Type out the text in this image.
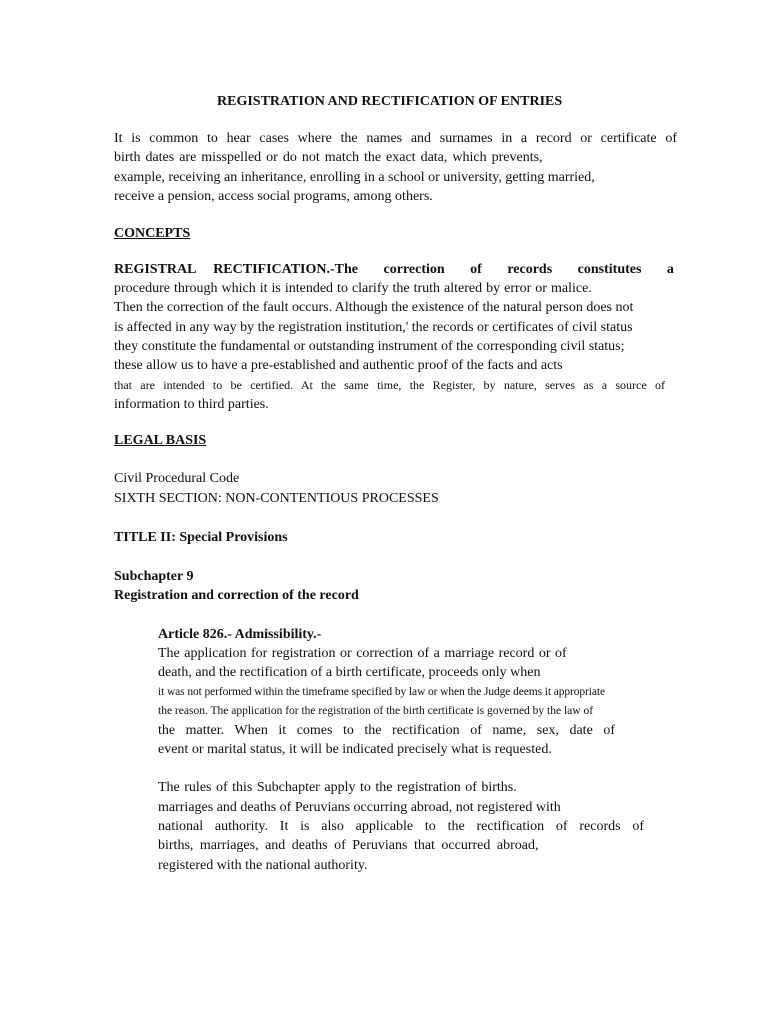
REGISTRATION AND RECTIFICATION OF ENTRIES
It is common to hear cases where the names and surnames in a record or certificate of
birth dates are misspelled or do not match the exact data, which prevents,
example, receiving an inheritance, enrolling in a school or university, getting married,
receive a pension, access social programs, among others.
CONCEPTS
REGISTRAL RECTIFICATION.- The correction of records constitutes a
procedure through which it is intended to clarify the truth altered by error or malice.
Then the correction of the fault occurs. Although the existence of the natural person does not
is affected in any way by the registration institution,' the records or certificates of civil status
they constitute the fundamental or outstanding instrument of the corresponding civil status;
these allow us to have a pre-established and authentic proof of the facts and acts
that are intended to be certified. At the same time, the Register, by nature, serves as a source of
information to third parties.
LEGAL BASIS
Civil Procedural Code
SIXTH SECTION: NON-CONTENTIOUS PROCESSES
TITLE II: Special Provisions
Subchapter 9
Registration and correction of the record
Article 826.- Admissibility.-
The application for registration or correction of a marriage record or of
death, and the rectification of a birth certificate, proceeds only when
it was not performed within the timeframe specified by law or when the Judge deems it appropriate
the reason. The application for the registration of the birth certificate is governed by the law of
the matter. When it comes to the rectification of name, sex, date of
event or marital status, it will be indicated precisely what is requested.
The rules of this Subchapter apply to the registration of births.
marriages and deaths of Peruvians occurring abroad, not registered with
national authority. It is also applicable to the rectification of records of
births, marriages, and deaths of Peruvians that occurred abroad,
registered with the national authority.
